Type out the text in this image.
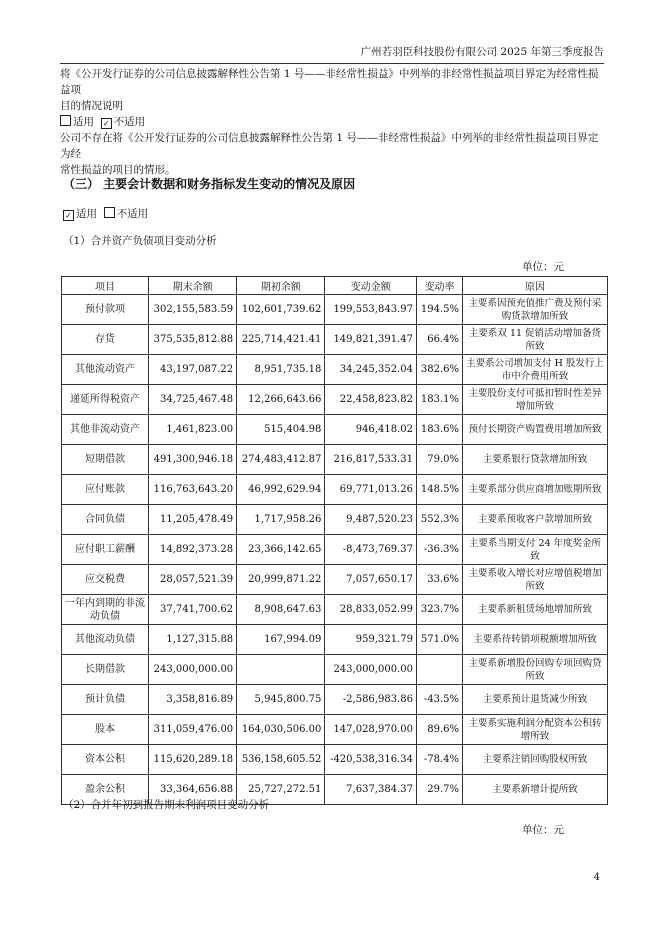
广州若羽臣科技股份有限公司 2025 年第三季度报告
将《公开发行证券的公司信息披露解释性公告第 1 号——非经常性损益》中列举的非经常性损益项目界定为经常性损益项
目的情况说明
适用 ✓ 不适用
公司不存在将《公开发行证券的公司信息披露解释性公告第 1 号——非经常性损益》中列举的非经常性损益项目界定为经
常性损益的项目的情形。
（三） 主要会计数据和财务指标发生变动的情况及原因
✓ 适用 不适用
（1）合并资产负债项目变动分析
单位：元
项目	期末余额	期初余额	变动金额	变动率	原因
预付款项	302,155,583.59	102,601,739.62	199,553,843.97	194.5%	主要系因预充值推广费及预付采购货款增加所致
存货	375,535,812.88	225,714,421.41	149,821,391.47	66.4%	主要系双 11 促销活动增加备货所致
其他流动资产	43,197,087.22	8,951,735.18	34,245,352.04	382.6%	主要系公司增加支付 H 股发行上市中介费用所致
递延所得税资产	34,725,467.48	12,266,643.66	22,458,823.82	183.1%	主要股份支付可抵扣暂时性差异增加所致
其他非流动资产	1,461,823.00	515,404.98	946,418.02	183.6%	预付长期资产购置费用增加所致
短期借款	491,300,946.18	274,483,412.87	216,817,533.31	79.0%	主要系银行贷款增加所致
应付账款	116,763,643.20	46,992,629.94	69,771,013.26	148.5%	主要系部分供应商增加账期所致
合同负债	11,205,478.49	1,717,958.26	9,487,520.23	552.3%	主要系预收客户款增加所致
应付职工薪酬	14,892,373.28	23,366,142.65	-8,473,769.37	-36.3%	主要系当期支付 24 年度奖金所致
应交税费	28,057,521.39	20,999,871.22	7,057,650.17	33.6%	主要系收入增长对应增值税增加所致
一年内到期的非流动负债	37,741,700.62	8,908,647.63	28,833,052.99	323.7%	主要系新租赁场地增加所致
其他流动负债	1,127,315.88	167,994.09	959,321.79	571.0%	主要系待转销项税额增加所致
长期借款	243,000,000.00		243,000,000.00		主要系新增股份回购专项回购贷所致
预计负债	3,358,816.89	5,945,800.75	-2,586,983.86	-43.5%	主要系预计退货减少所致
股本	311,059,476.00	164,030,506.00	147,028,970.00	89.6%	主要系实施利润分配资本公积转增所致
资本公积	115,620,289.18	536,158,605.52	-420,538,316.34	-78.4%	主要系注销回购股权所致
盈余公积	33,364,656.88	25,727,272.51	7,637,384.37	29.7%	主要系新增计提所致
（2）合并年初到报告期末利润项目变动分析
单位：元
4
